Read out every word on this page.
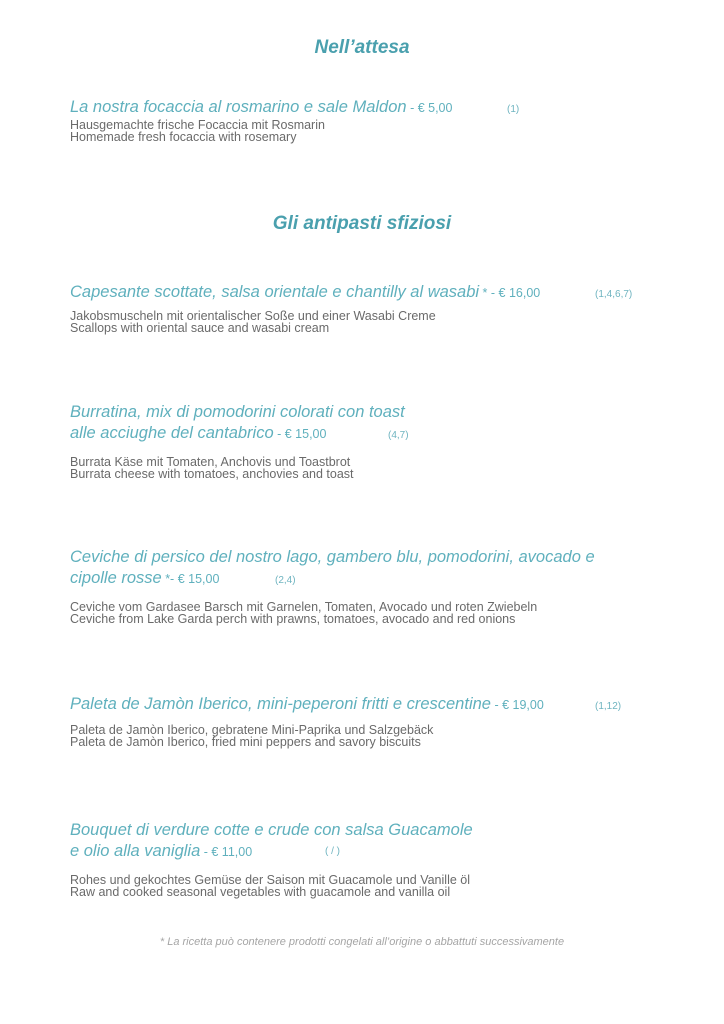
Nell’attesa
La nostra focaccia al rosmarino e sale Maldon - € 5,00
Hausgemachte frische Focaccia mit Rosmarin
Homemade fresh focaccia with rosemary
(1)
Gli antipasti sfiziosi
Capesante scottate, salsa orientale e chantilly al wasabi * - € 16,00
Jakobsmuscheln mit orientalischer Soße und einer Wasabi Creme
Scallops with oriental sauce and wasabi cream
(1,4,6,7)
Burratina, mix di pomodorini colorati con toast
alle acciughe del cantabrico - € 15,00
Burrata Käse mit Tomaten, Anchovis und Toastbrot
Burrata cheese with tomatoes, anchovies and toast
(4,7)
Ceviche di persico del nostro lago, gambero blu, pomodorini, avocado e
cipolle rosse *- € 15,00
Ceviche vom Gardasee Barsch mit Garnelen, Tomaten, Avocado und roten Zwiebeln
Ceviche from Lake Garda perch with prawns, tomatoes, avocado and red onions
(2,4)
Paleta de Jamòn Iberico, mini-peperoni fritti e crescentine - € 19,00
Paleta de Jamòn Iberico, gebratene Mini-Paprika und Salzgebäck
Paleta de Jamòn Iberico, fried mini peppers and savory biscuits
(1,12)
Bouquet di verdure cotte e crude con salsa Guacamole
e olio alla vaniglia - € 11,00
Rohes und gekochtes Gemüse der Saison mit Guacamole und Vanille öl
Raw and cooked seasonal vegetables with guacamole and vanilla oil
( / )
* La ricetta può contenere prodotti congelati all’origine o abbattuti successivamente
